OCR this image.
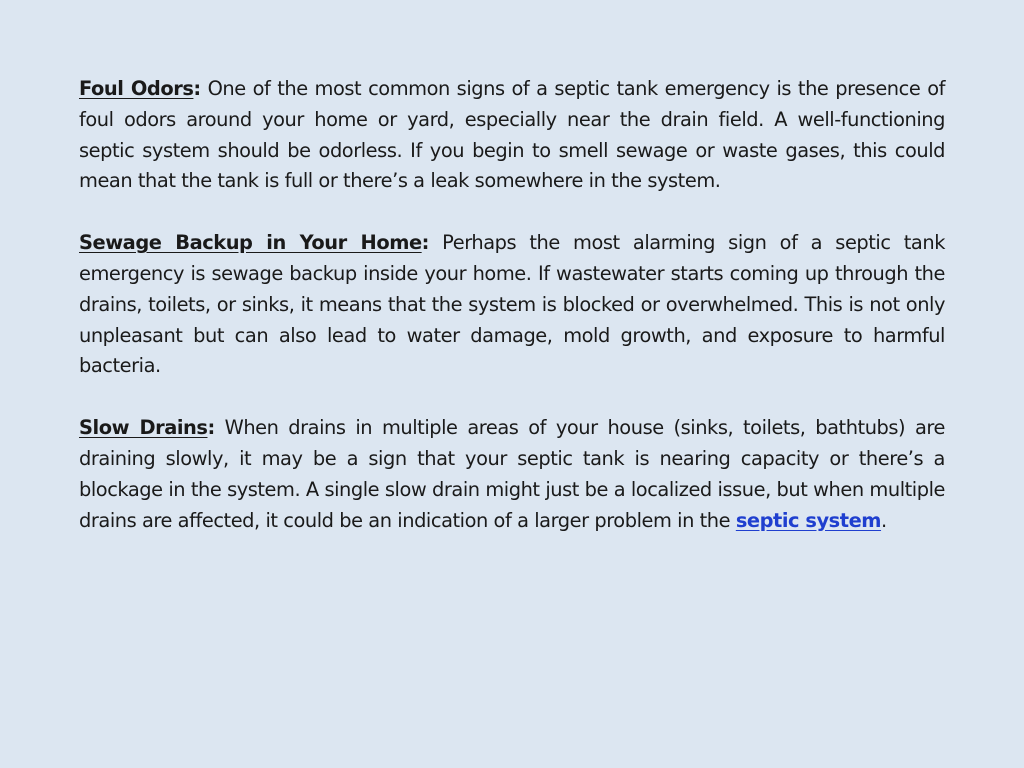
Foul Odors: One of the most common signs of a septic tank emergency is the presence of foul odors around your home or yard, especially near the drain field. A well-functioning septic system should be odorless. If you begin to smell sewage or waste gases, this could mean that the tank is full or there’s a leak somewhere in the system.

Sewage Backup in Your Home: Perhaps the most alarming sign of a septic tank emergency is sewage backup inside your home. If wastewater starts coming up through the drains, toilets, or sinks, it means that the system is blocked or overwhelmed. This is not only unpleasant but can also lead to water damage, mold growth, and exposure to harmful bacteria.

Slow Drains: When drains in multiple areas of your house (sinks, toilets, bathtubs) are draining slowly, it may be a sign that your septic tank is nearing capacity or there’s a blockage in the system. A single slow drain might just be a localized issue, but when multiple drains are affected, it could be an indication of a larger problem in the septic system.
